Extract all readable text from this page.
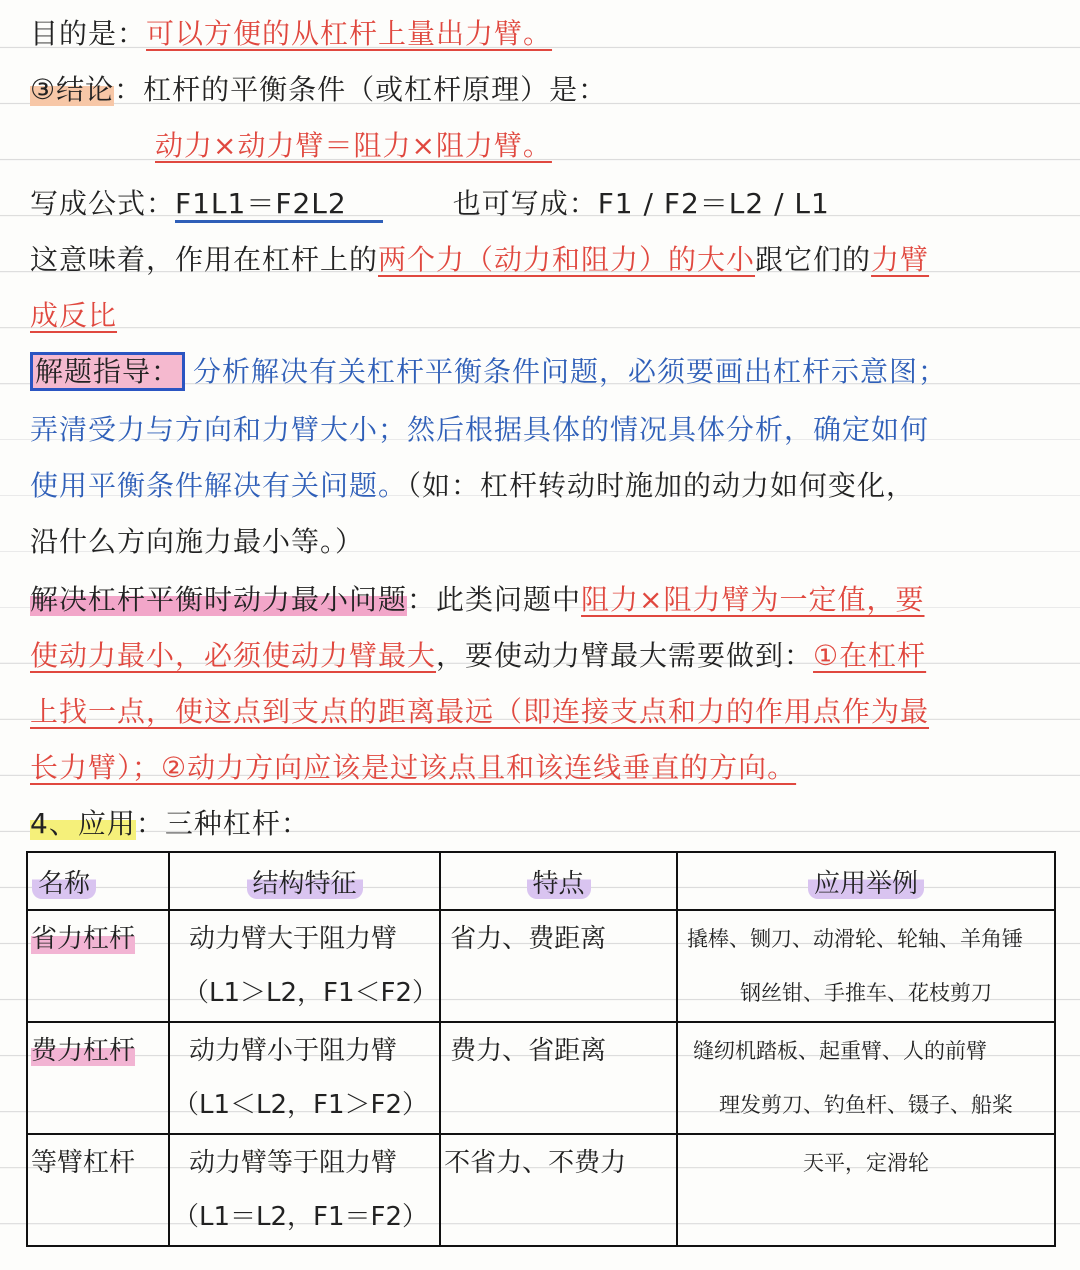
目的是：可以方便的从杠杆上量出力臂。
③结论：杠杆的平衡条件（或杠杆原理）是：
动力×动力臂＝阻力×阻力臂。
写成公式：F1L1＝F2L2	也可写成：F1 / F2＝L2 / L1
这意味着，作用在杠杆上的两个力（动力和阻力）的大小跟它们的力臂
成反比
解题指导： 分析解决有关杠杆平衡条件问题，必须要画出杠杆示意图；
弄清受力与方向和力臂大小；然后根据具体的情况具体分析，确定如何
使用平衡条件解决有关问题。（如：杠杆转动时施加的动力如何变化，
沿什么方向施力最小等。）
解决杠杆平衡时动力最小问题：此类问题中阻力×阻力臂为一定值，要
使动力最小，必须使动力臂最大，要使动力臂最大需要做到：①在杠杆
上找一点，使这点到支点的距离最远（即连接支点和力的作用点作为最
长力臂）；②动力方向应该是过该点且和该连线垂直的方向。
4、应用：三种杠杆：
名称	结构特征	特点	应用举例

省力杠杆	动力臂大于阻力臂
（L1＞L2，F1＜F2）	省力、费距离	撬棒、铡刀、动滑轮、轮轴、羊角锤
钢丝钳、手推车、花枝剪刀

费力杠杆	动力臂小于阻力臂
（L1＜L2，F1＞F2）	费力、省距离	缝纫机踏板、起重臂、人的前臂
理发剪刀、钓鱼杆、镊子、船桨

等臂杠杆	动力臂等于阻力臂
（L1＝L2，F1＝F2）	不省力、不费力	天平，定滑轮
